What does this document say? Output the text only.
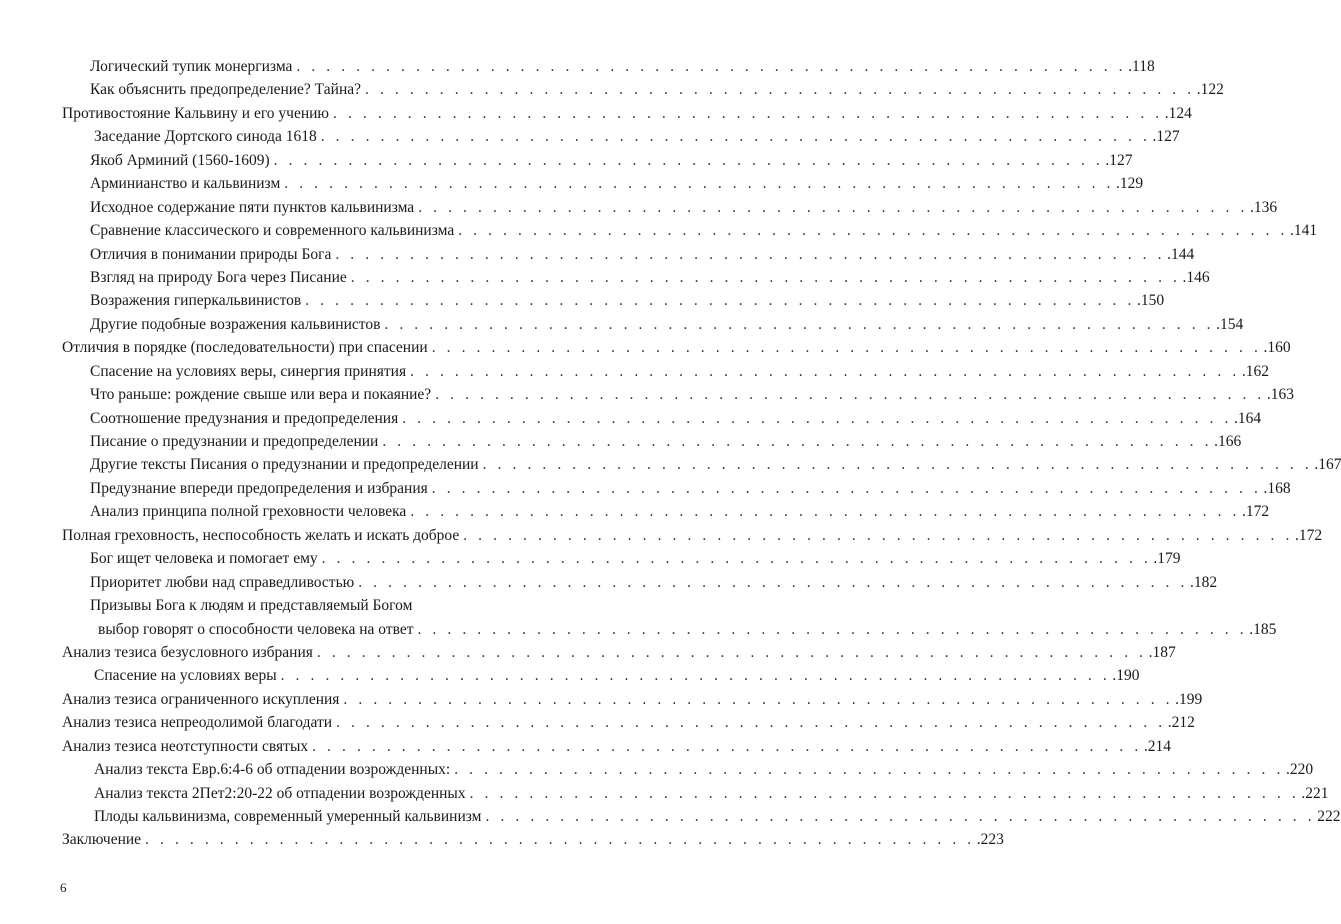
Логический тупик монергизма . . . . . . . . . . . . . . . . . . . . . . . . . . . . . . . . . . . . . . . . . . . . . . . . . . . . . . . . .118
Как объяснить предопределение? Тайна? . . . . . . . . . . . . . . . . . . . . . . . . . . . . . . . . . . . . . . . . . . . . . . . . . . . . . . . . .122
Противостояние Кальвину и его учению . . . . . . . . . . . . . . . . . . . . . . . . . . . . . . . . . . . . . . . . . . . . . . . . . . . . . . . . .124
Заседание Дортского синода 1618 . . . . . . . . . . . . . . . . . . . . . . . . . . . . . . . . . . . . . . . . . . . . . . . . . . . . . . . . .127
Якоб Арминий (1560-1609) . . . . . . . . . . . . . . . . . . . . . . . . . . . . . . . . . . . . . . . . . . . . . . . . . . . . . . . . .127
Арминианство и кальвинизм . . . . . . . . . . . . . . . . . . . . . . . . . . . . . . . . . . . . . . . . . . . . . . . . . . . . . . . . .129
Исходное содержание пяти пунктов кальвинизма . . . . . . . . . . . . . . . . . . . . . . . . . . . . . . . . . . . . . . . . . . . . . . . . . . . . . . . . .136
Сравнение классического и современного кальвинизма . . . . . . . . . . . . . . . . . . . . . . . . . . . . . . . . . . . . . . . . . . . . . . . . . . . . . . . . .141
Отличия в понимании природы Бога . . . . . . . . . . . . . . . . . . . . . . . . . . . . . . . . . . . . . . . . . . . . . . . . . . . . . . . . .144
Взгляд на природу Бога через Писание . . . . . . . . . . . . . . . . . . . . . . . . . . . . . . . . . . . . . . . . . . . . . . . . . . . . . . . . .146
Возражения гиперкальвинистов . . . . . . . . . . . . . . . . . . . . . . . . . . . . . . . . . . . . . . . . . . . . . . . . . . . . . . . . .150
Другие подобные возражения кальвинистов . . . . . . . . . . . . . . . . . . . . . . . . . . . . . . . . . . . . . . . . . . . . . . . . . . . . . . . . .154
Отличия в порядке (последовательности) при спасении . . . . . . . . . . . . . . . . . . . . . . . . . . . . . . . . . . . . . . . . . . . . . . . . . . . . . . . . .160
Спасение на условиях веры, синергия принятия . . . . . . . . . . . . . . . . . . . . . . . . . . . . . . . . . . . . . . . . . . . . . . . . . . . . . . . . .162
Что раньше: рождение свыше или вера и покаяние? . . . . . . . . . . . . . . . . . . . . . . . . . . . . . . . . . . . . . . . . . . . . . . . . . . . . . . . . .163
Соотношение предузнания и предопределения . . . . . . . . . . . . . . . . . . . . . . . . . . . . . . . . . . . . . . . . . . . . . . . . . . . . . . . . .164
Писание о предузнании и предопределении . . . . . . . . . . . . . . . . . . . . . . . . . . . . . . . . . . . . . . . . . . . . . . . . . . . . . . . . .166
Другие тексты Писания о предузнании и предопределении . . . . . . . . . . . . . . . . . . . . . . . . . . . . . . . . . . . . . . . . . . . . . . . . . . . . . . . . .167
Предузнание впереди предопределения и избрания . . . . . . . . . . . . . . . . . . . . . . . . . . . . . . . . . . . . . . . . . . . . . . . . . . . . . . . . .168
Анализ принципа полной греховности человека . . . . . . . . . . . . . . . . . . . . . . . . . . . . . . . . . . . . . . . . . . . . . . . . . . . . . . . . .172
Полная греховность, неспособность желать и искать доброе . . . . . . . . . . . . . . . . . . . . . . . . . . . . . . . . . . . . . . . . . . . . . . . . . . . . . . . . .172
Бог ищет человека и помогает ему . . . . . . . . . . . . . . . . . . . . . . . . . . . . . . . . . . . . . . . . . . . . . . . . . . . . . . . . .179
Приоритет любви над справедливостью . . . . . . . . . . . . . . . . . . . . . . . . . . . . . . . . . . . . . . . . . . . . . . . . . . . . . . . . .182
Призывы Бога к людям и представляемый Богом
выбор говорят о способности человека на ответ . . . . . . . . . . . . . . . . . . . . . . . . . . . . . . . . . . . . . . . . . . . . . . . . . . . . . . . . .185
Анализ тезиса безусловного избрания . . . . . . . . . . . . . . . . . . . . . . . . . . . . . . . . . . . . . . . . . . . . . . . . . . . . . . . . .187
Спасение на условиях веры . . . . . . . . . . . . . . . . . . . . . . . . . . . . . . . . . . . . . . . . . . . . . . . . . . . . . . . . .190
Анализ тезиса ограниченного искупления . . . . . . . . . . . . . . . . . . . . . . . . . . . . . . . . . . . . . . . . . . . . . . . . . . . . . . . . .199
Анализ тезиса непреодолимой благодати . . . . . . . . . . . . . . . . . . . . . . . . . . . . . . . . . . . . . . . . . . . . . . . . . . . . . . . . .212
Анализ тезиса неотступности святых . . . . . . . . . . . . . . . . . . . . . . . . . . . . . . . . . . . . . . . . . . . . . . . . . . . . . . . . .214
Анализ текста Евр.6:4-6 об отпадении возрожденных: . . . . . . . . . . . . . . . . . . . . . . . . . . . . . . . . . . . . . . . . . . . . . . . . . . . . . . . . .220
Анализ текста 2Пет2:20-22 об отпадении возрожденных . . . . . . . . . . . . . . . . . . . . . . . . . . . . . . . . . . . . . . . . . . . . . . . . . . . . . . . . .221
Плоды кальвинизма, современный умеренный кальвинизм . . . . . . . . . . . . . . . . . . . . . . . . . . . . . . . . . . . . . . . . . . . . . . . . . . . . . . . . 222
Заключение . . . . . . . . . . . . . . . . . . . . . . . . . . . . . . . . . . . . . . . . . . . . . . . . . . . . . . . . .223
6
